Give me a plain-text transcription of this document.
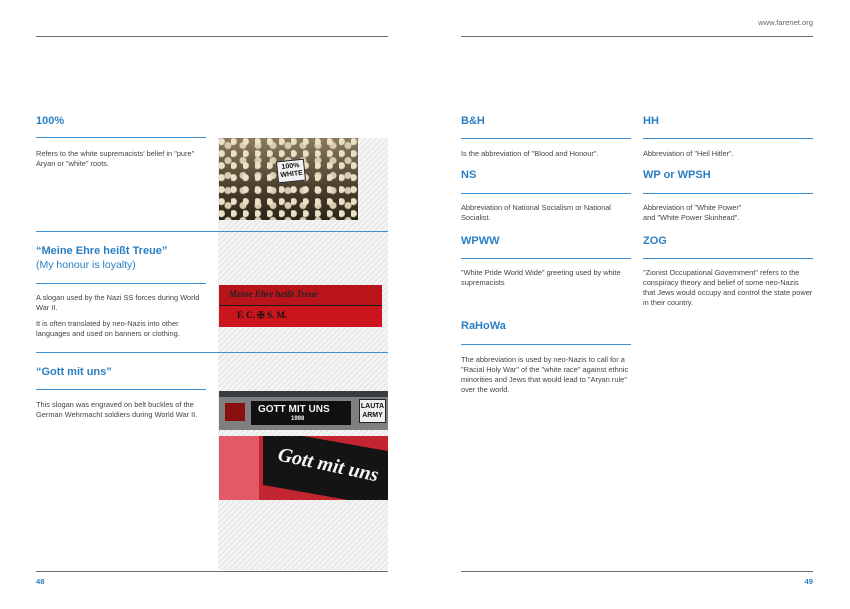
www.farenet.org
48	49
100%
Refers to the white supremacists' belief in "pure" Aryan or "white" roots.	100% WHITE
“Meine Ehre heißt Treue”
(My honour is loyalty)
A slogan used by the Nazi SS forces during World War II.
It is often translated by neo-Nazis into other languages and used on banners or clothing.
Meine Ehre heißt Treue
F. C. ✠ S. M.
“Gott mit uns”
This slogan was engraved on belt buckles of the German Wehrmacht soldiers during World War II.	GOTT MIT UNS
1998
LAUTA
ARMY
Gott mit uns
B&H
Is the abbreviation of "Blood and Honour".
HH
Abbreviation of "Heil Hitler".
NS
Abbreviation of National Socialism or National Socialist.
WP or WPSH
Abbreviation of "White Power"
and "White Power Skinhead".
WPWW
"White Pride World Wide" greeting used by white supremacists
ZOG
"Zionist Occupational Government" refers to the conspiracy theory and belief of some neo-Nazis that Jews would occupy and control the state power in their country.
RaHoWa
The abbreviation is used by neo-Nazis to call for a "Racial Holy War" of the "white race" against ethnic minorities and Jews that would lead to "Aryan rule" over the world.
